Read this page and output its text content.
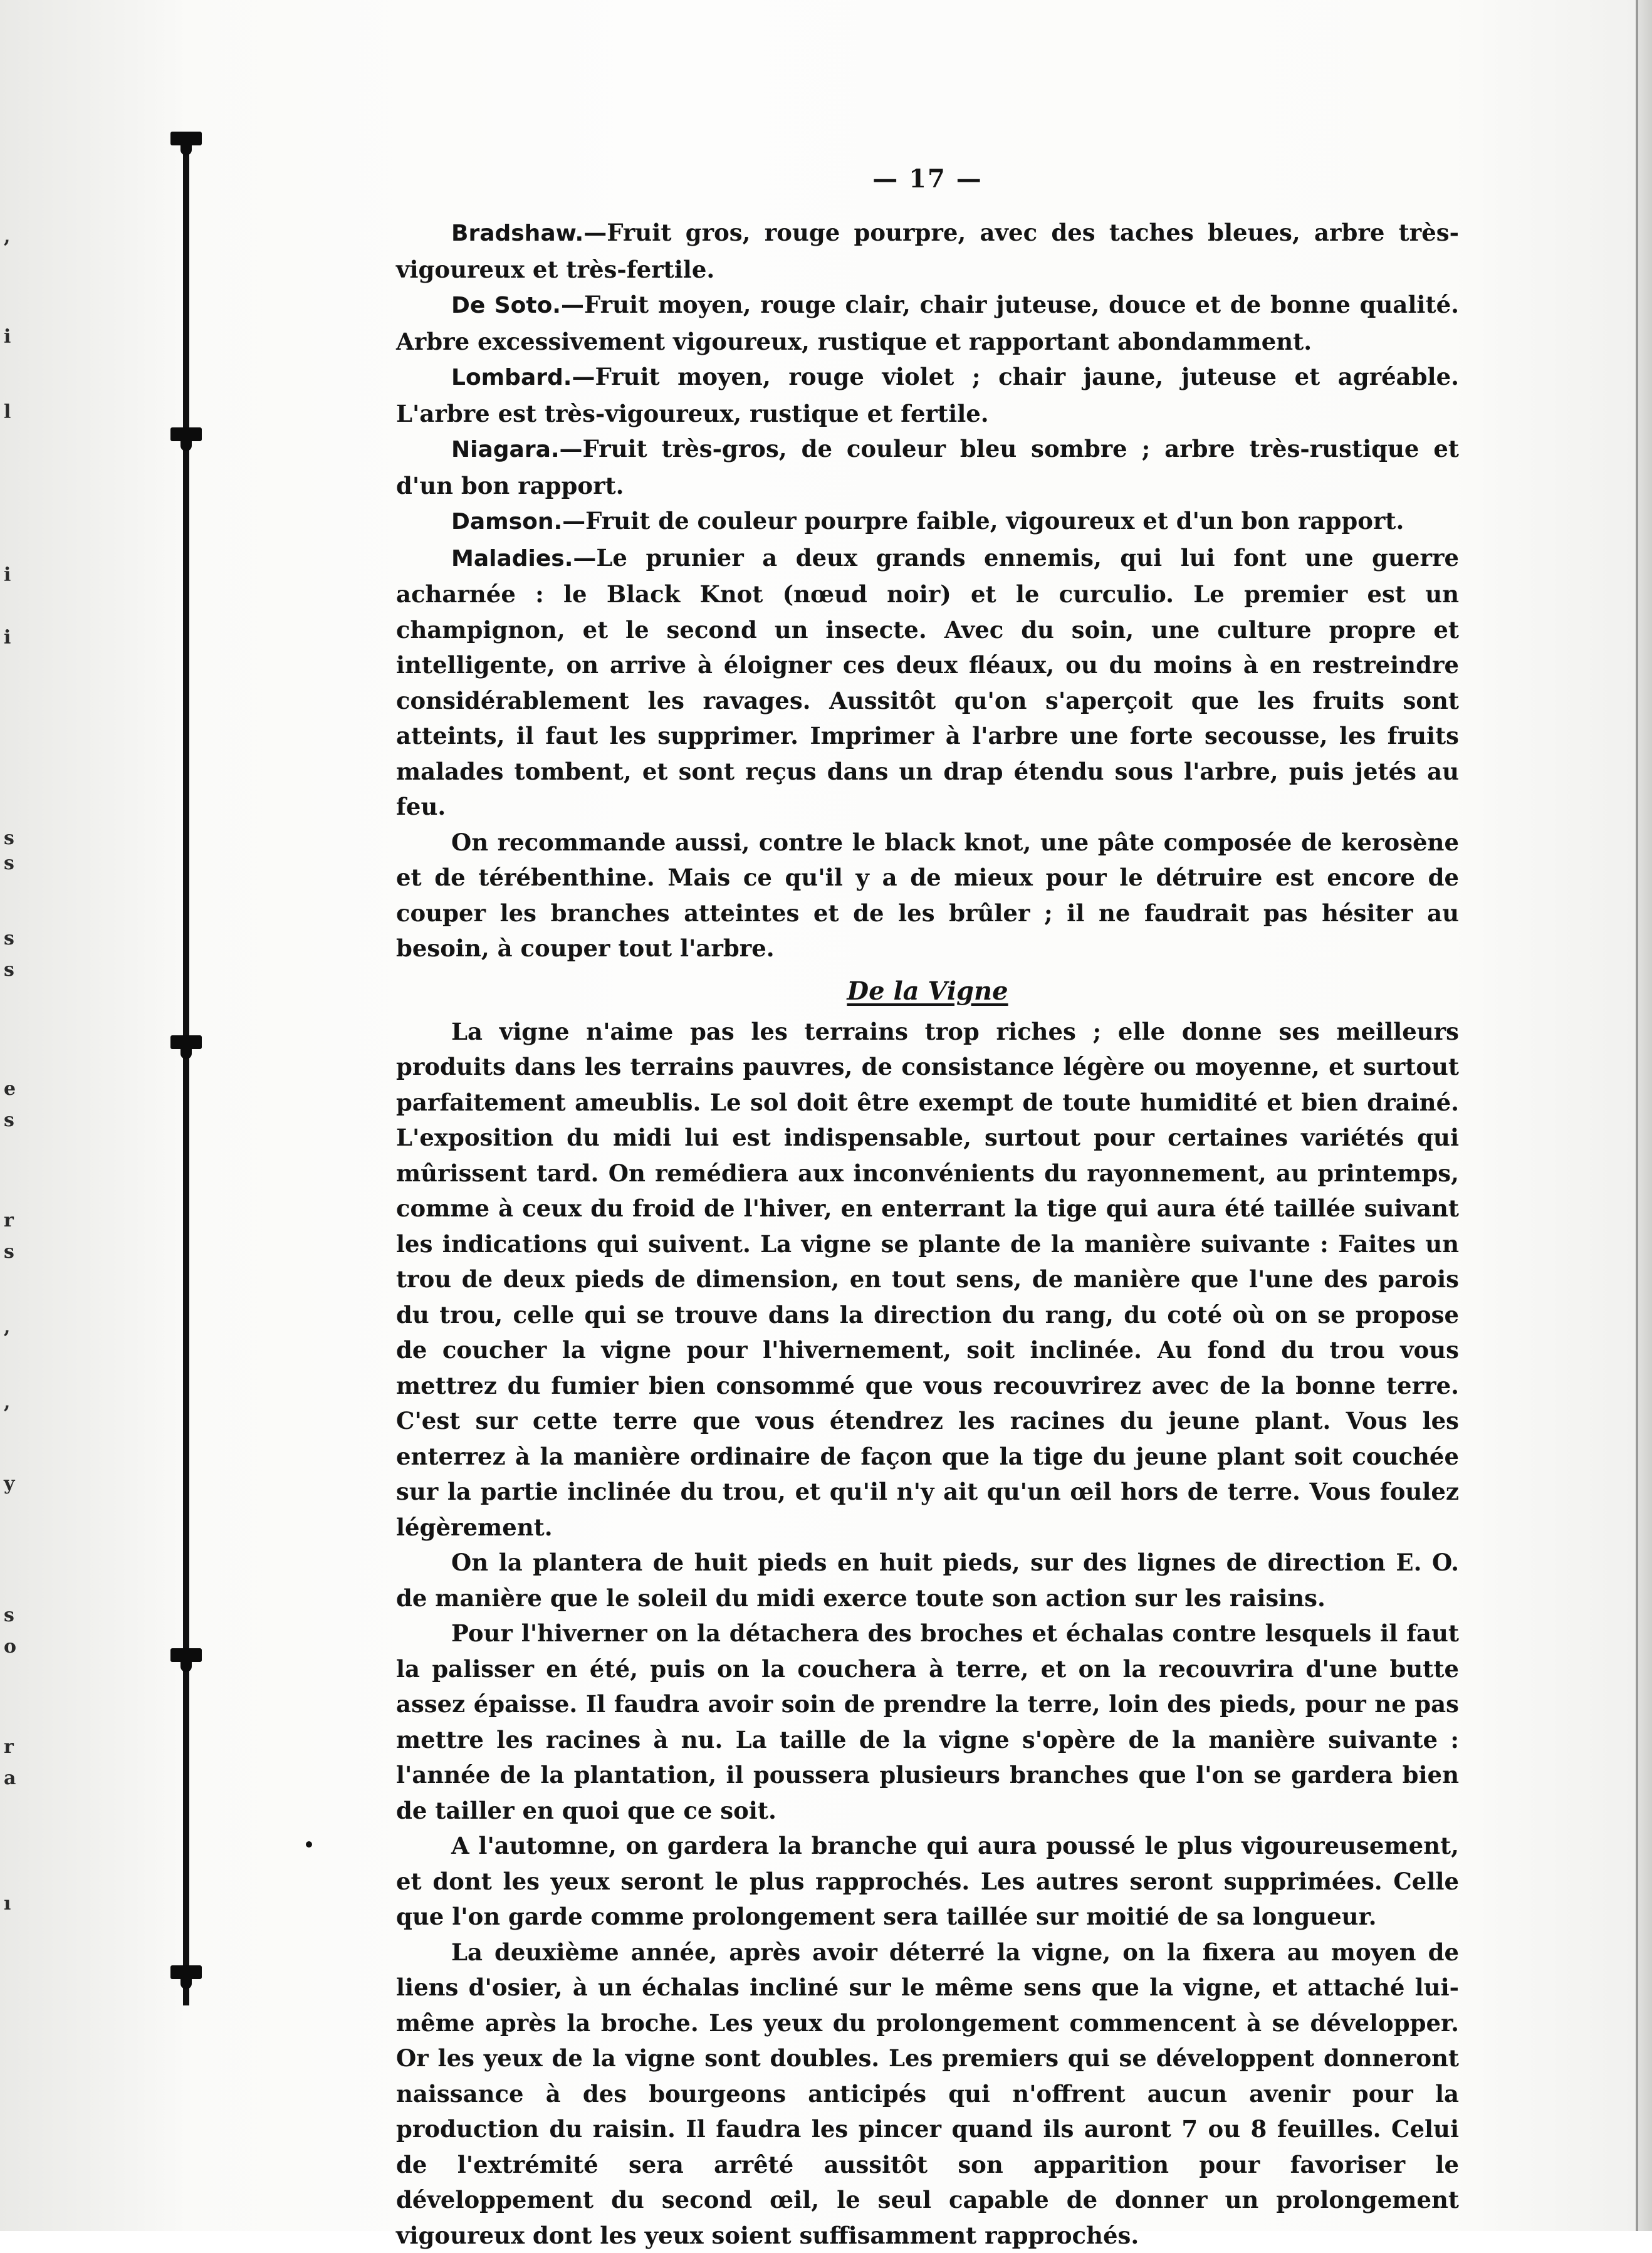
,
i
l
i
i
s
s
s
s
e
s
r
s
,
,
y
s
o
r
a
ı

— 17 —

Bradshaw.—Fruit gros, rouge pourpre, avec des taches bleues, arbre très-vigoureux et très-fertile.

De Soto.—Fruit moyen, rouge clair, chair juteuse, douce et de bonne qualité. Arbre excessivement vigoureux, rustique et rapportant abondamment.

Lombard.—Fruit moyen, rouge violet ; chair jaune, juteuse et agréable. L'arbre est très-vigoureux, rustique et fertile.

Niagara.—Fruit très-gros, de couleur bleu sombre ; arbre très-rustique et d'un bon rapport.

Damson.—Fruit de couleur pourpre faible, vigoureux et d'un bon rapport.

Maladies.—Le prunier a deux grands ennemis, qui lui font une guerre acharnée : le Black Knot (nœud noir) et le curculio. Le premier est un champignon, et le second un insecte. Avec du soin, une culture propre et intelligente, on arrive à éloigner ces deux fléaux, ou du moins à en restreindre considérablement les ravages. Aussitôt qu'on s'aperçoit que les fruits sont atteints, il faut les supprimer. Imprimer à l'arbre une forte secousse, les fruits malades tombent, et sont reçus dans un drap étendu sous l'arbre, puis jetés au feu.

On recommande aussi, contre le black knot, une pâte composée de kerosène et de térébenthine. Mais ce qu'il y a de mieux pour le détruire est encore de couper les branches atteintes et de les brûler ; il ne faudrait pas hésiter au besoin, à couper tout l'arbre.

De la Vigne

La vigne n'aime pas les terrains trop riches ; elle donne ses meilleurs produits dans les terrains pauvres, de consistance légère ou moyenne, et surtout parfaitement ameublis. Le sol doit être exempt de toute humidité et bien drainé. L'exposition du midi lui est indispensable, surtout pour certaines variétés qui mûrissent tard. On remédiera aux inconvénients du rayonnement, au printemps, comme à ceux du froid de l'hiver, en enterrant la tige qui aura été taillée suivant les indications qui suivent. La vigne se plante de la manière suivante : Faites un trou de deux pieds de dimension, en tout sens, de manière que l'une des parois du trou, celle qui se trouve dans la direction du rang, du coté où on se propose de coucher la vigne pour l'hivernement, soit inclinée. Au fond du trou vous mettrez du fumier bien consommé que vous recouvrirez avec de la bonne terre. C'est sur cette terre que vous étendrez les racines du jeune plant. Vous les enterrez à la manière ordinaire de façon que la tige du jeune plant soit couchée sur la partie inclinée du trou, et qu'il n'y ait qu'un œil hors de terre. Vous foulez légèrement.

On la plantera de huit pieds en huit pieds, sur des lignes de direction E. O. de manière que le soleil du midi exerce toute son action sur les raisins.

Pour l'hiverner on la détachera des broches et échalas contre lesquels il faut la palisser en été, puis on la couchera à terre, et on la recouvrira d'une butte assez épaisse. Il faudra avoir soin de prendre la terre, loin des pieds, pour ne pas mettre les racines à nu. La taille de la vigne s'opère de la manière suivante : l'année de la plantation, il poussera plusieurs branches que l'on se gardera bien de tailler en quoi que ce soit.

A l'automne, on gardera la branche qui aura poussé le plus vigoureusement, et dont les yeux seront le plus rapprochés. Les autres seront supprimées. Celle que l'on garde comme prolongement sera taillée sur moitié de sa longueur.

La deuxième année, après avoir déterré la vigne, on la fixera au moyen de liens d'osier, à un échalas incliné sur le même sens que la vigne, et attaché lui-même après la broche. Les yeux du prolongement commencent à se développer. Or les yeux de la vigne sont doubles. Les premiers qui se développent donneront naissance à des bourgeons anticipés qui n'offrent aucun avenir pour la production du raisin. Il faudra les pincer quand ils auront 7 ou 8 feuilles. Celui de l'extrémité sera arrêté aussitôt son apparition pour favoriser le développement du second œil, le seul capable de donner un prolongement vigoureux dont les yeux soient suffisamment rapprochés.
